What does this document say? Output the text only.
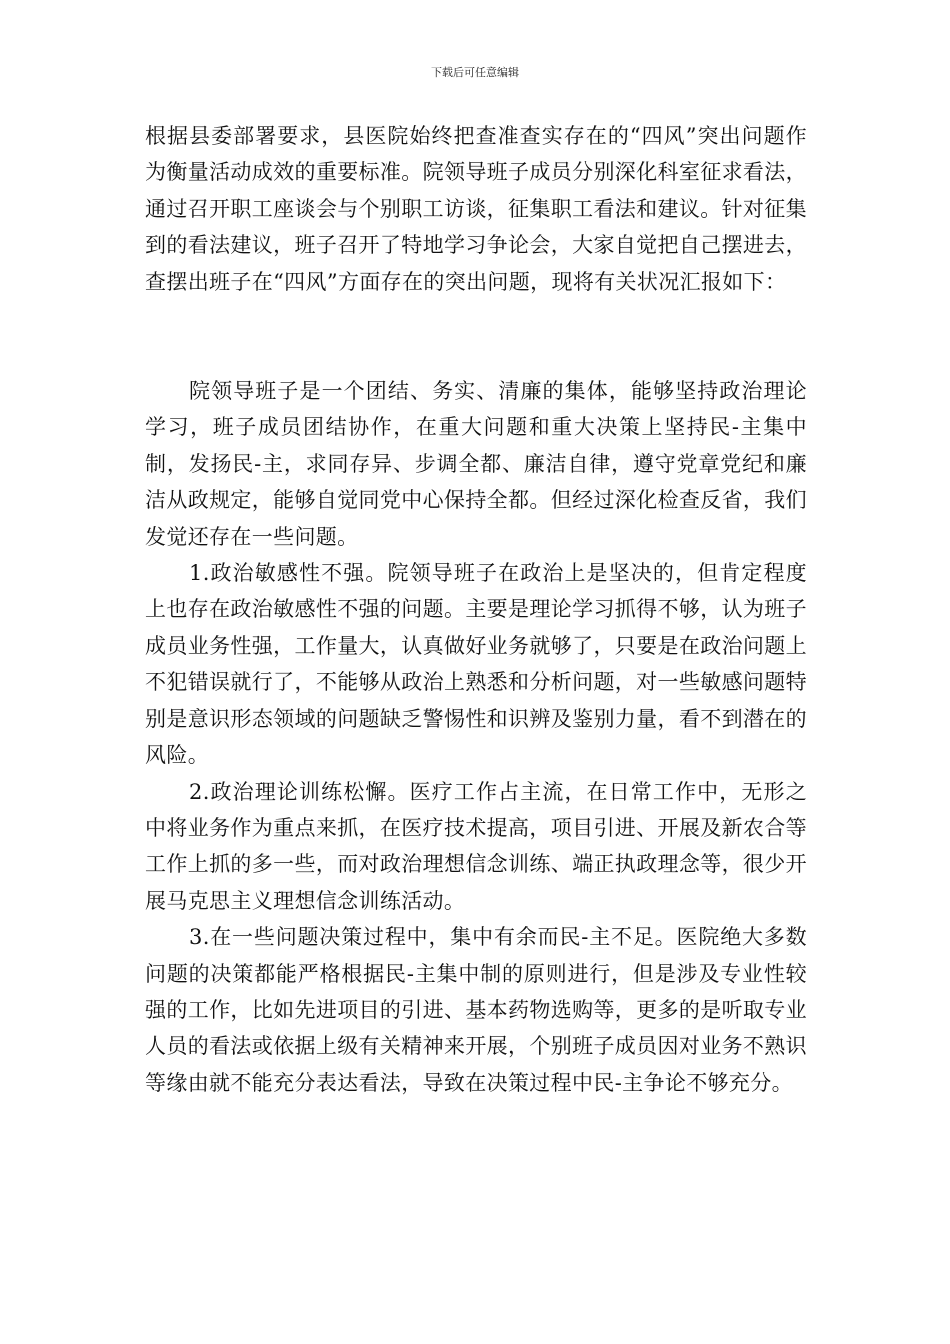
下载后可任意编辑

根据县委部署要求，县医院始终把查准查实存在的“四风”突出问题作为衡量活动成效的重要标准。院领导班子成员分别深化科室征求看法，通过召开职工座谈会与个别职工访谈，征集职工看法和建议。针对征集到的看法建议，班子召开了特地学习争论会，大家自觉把自己摆进去，查摆出班子在“四风”方面存在的突出问题，现将有关状况汇报如下：

院领导班子是一个团结、务实、清廉的集体，能够坚持政治理论学习，班子成员团结协作，在重大问题和重大决策上坚持民-主集中制，发扬民-主，求同存异、步调全都、廉洁自律，遵守党章党纪和廉洁从政规定，能够自觉同党中心保持全都。但经过深化检查反省，我们发觉还存在一些问题。

1.政治敏感性不强。院领导班子在政治上是坚决的，但肯定程度上也存在政治敏感性不强的问题。主要是理论学习抓得不够，认为班子成员业务性强，工作量大，认真做好业务就够了，只要是在政治问题上不犯错误就行了，不能够从政治上熟悉和分析问题，对一些敏感问题特别是意识形态领域的问题缺乏警惕性和识辨及鉴别力量，看不到潜在的风险。

2.政治理论训练松懈。医疗工作占主流，在日常工作中，无形之中将业务作为重点来抓，在医疗技术提高，项目引进、开展及新农合等工作上抓的多一些，而对政治理想信念训练、端正执政理念等，很少开展马克思主义理想信念训练活动。

3.在一些问题决策过程中，集中有余而民-主不足。医院绝大多数问题的决策都能严格根据民-主集中制的原则进行，但是涉及专业性较强的工作，比如先进项目的引进、基本药物选购等，更多的是听取专业人员的看法或依据上级有关精神来开展，个别班子成员因对业务不熟识等缘由就不能充分表达看法，导致在决策过程中民-主争论不够充分。
